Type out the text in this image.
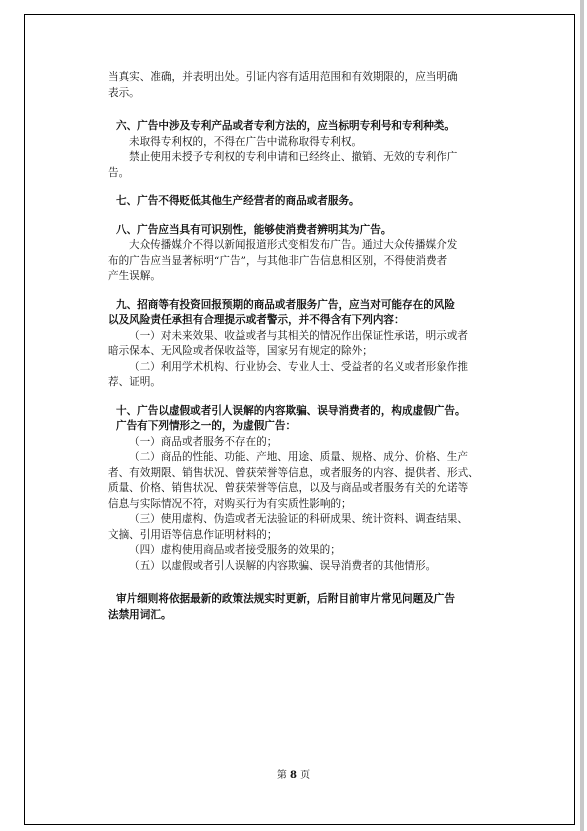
当真实、准确，并表明出处。引证内容有适用范围和有效期限的，应当明确

表示。

六、广告中涉及专利产品或者专利方法的，应当标明专利号和专利种类。

未取得专利权的，不得在广告中谎称取得专利权。

禁止使用未授予专利权的专利申请和已经终止、撤销、无效的专利作广

告。

七、广告不得贬低其他生产经营者的商品或者服务。

八、广告应当具有可识别性，能够使消费者辨明其为广告。

大众传播媒介不得以新闻报道形式变相发布广告。通过大众传播媒介发

布的广告应当显著标明“广告”，与其他非广告信息相区别，不得使消费者

产生误解。

九、招商等有投资回报预期的商品或者服务广告，应当对可能存在的风险

以及风险责任承担有合理提示或者警示，并不得含有下列内容：

（一）对未来效果、收益或者与其相关的情况作出保证性承诺，明示或者

暗示保本、无风险或者保收益等，国家另有规定的除外；

（二）利用学术机构、行业协会、专业人士、受益者的名义或者形象作推

荐、证明。

十、广告以虚假或者引人误解的内容欺骗、误导消费者的，构成虚假广告。

广告有下列情形之一的，为虚假广告：

（一）商品或者服务不存在的；

（二）商品的性能、功能、产地、用途、质量、规格、成分、价格、生产

者、有效期限、销售状况、曾获荣誉等信息，或者服务的内容、提供者、形式、

质量、价格、销售状况、曾获荣誉等信息，以及与商品或者服务有关的允诺等

信息与实际情况不符，对购买行为有实质性影响的；

（三）使用虚构、伪造或者无法验证的科研成果、统计资料、调查结果、

文摘、引用语等信息作证明材料的；

（四）虚构使用商品或者接受服务的效果的；

（五）以虚假或者引人误解的内容欺骗、误导消费者的其他情形。

审片细则将依据最新的政策法规实时更新，后附目前审片常见问题及广告

法禁用词汇。

第 8 页
